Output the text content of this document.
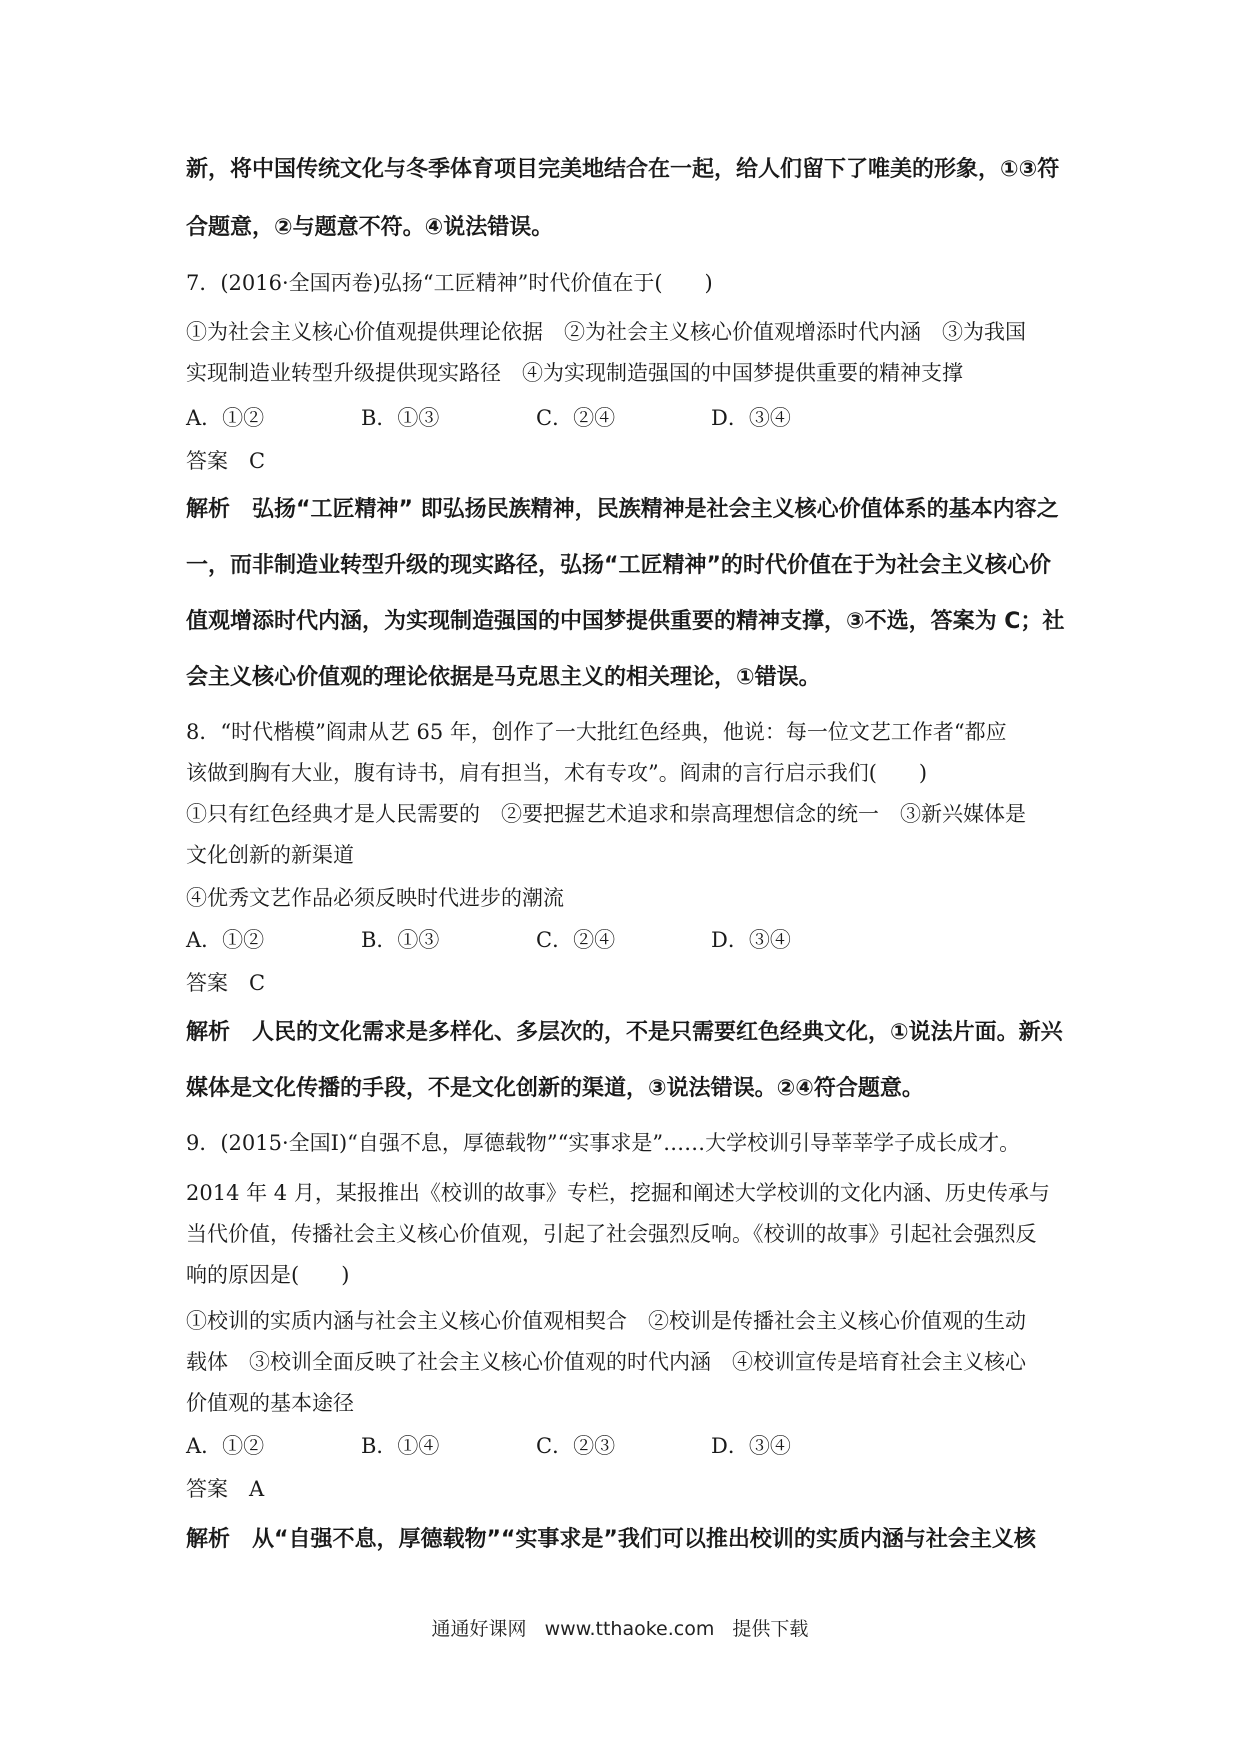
新，将中国传统文化与冬季体育项目完美地结合在一起，给人们留下了唯美的形象，①③符
合题意，②与题意不符。④说法错误。
7．(2016·全国丙卷)弘扬“工匠精神”时代价值在于(　　)
①为社会主义核心价值观提供理论依据　②为社会主义核心价值观增添时代内涵　③为我国
实现制造业转型升级提供现实路径　④为实现制造强国的中国梦提供重要的精神支撑
A．①②	B．①③	C．②④	D．③④
答案　C
解析　弘扬“工匠精神” 即弘扬民族精神，民族精神是社会主义核心价值体系的基本内容之
一，而非制造业转型升级的现实路径，弘扬“工匠精神”的时代价值在于为社会主义核心价
值观增添时代内涵，为实现制造强国的中国梦提供重要的精神支撑，③不选，答案为 C；社
会主义核心价值观的理论依据是马克思主义的相关理论，①错误。
8．“时代楷模”阎肃从艺 65 年，创作了一大批红色经典，他说：每一位文艺工作者“都应
该做到胸有大业，腹有诗书，肩有担当，术有专攻”。阎肃的言行启示我们(　　)
①只有红色经典才是人民需要的　②要把握艺术追求和崇高理想信念的统一　③新兴媒体是
文化创新的新渠道
④优秀文艺作品必须反映时代进步的潮流
A．①②	B．①③	C．②④	D．③④
答案　C
解析　人民的文化需求是多样化、多层次的，不是只需要红色经典文化，①说法片面。新兴
媒体是文化传播的手段，不是文化创新的渠道，③说法错误。②④符合题意。
9．(2015·全国Ⅰ)“自强不息，厚德载物”“实事求是”……大学校训引导莘莘学子成长成才。
2014 年 4 月，某报推出《校训的故事》专栏，挖掘和阐述大学校训的文化内涵、历史传承与
当代价值，传播社会主义核心价值观，引起了社会强烈反响。《校训的故事》引起社会强烈反
响的原因是(　　)
①校训的实质内涵与社会主义核心价值观相契合　②校训是传播社会主义核心价值观的生动
载体　③校训全面反映了社会主义核心价值观的时代内涵　④校训宣传是培育社会主义核心
价值观的基本途径
A．①②	B．①④	C．②③	D．③④
答案　A
解析　从“自强不息，厚德载物”“实事求是”我们可以推出校训的实质内涵与社会主义核
通通好课网 www.tthaoke.com 提供下载
